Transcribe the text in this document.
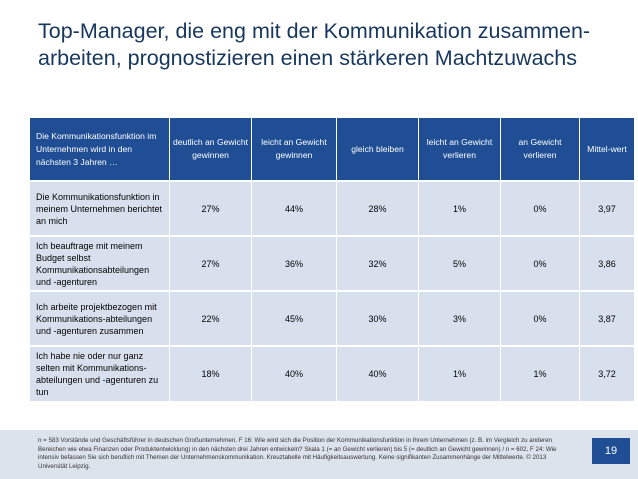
Top-Manager, die eng mit der Kommunikation zusammen-
arbeiten, prognostizieren einen stärkeren Machtzuwachs
Die Kommunikationsfunktion im Unternehmen wird in den nächsten 3 Jahren …	deutlich an Gewicht gewinnen	leicht an Gewicht gewinnen	gleich bleiben	leicht an Gewicht verlieren	an Gewicht verlieren	Mittel-wert
Die Kommunikationsfunktion in meinem Unternehmen berichtet an mich	27%	44%	28%	1%	0%	3,97
Ich beauftrage mit meinem Budget selbst Kommunikationsabteilungen und -agenturen	27%	36%	32%	5%	0%	3,86
Ich arbeite projektbezogen mit Kommunikations-abteilungen und -agenturen zusammen	22%	45%	30%	3%	0%	3,87
Ich habe nie oder nur ganz selten mit Kommunikations-abteilungen und -agenturen zu tun	18%	40%	40%	1%	1%	3,72
n = 583 Vorstände und Geschäftsführer in deutschen Großunternehmen. F 16: Wie wird sich die Position der Kommunikationsfunktion in Ihrem Unternehmen (z. B. im Vergleich zu anderen Bereichen wie etwa Finanzen oder Produktentwicklung) in den nächsten drei Jahren entwickeln? Skala 1 (= an Gewicht verlieren) bis 5 (= deutlich an Gewicht gewinnen) / n = 602, F 24: Wie intensiv befassen Sie sich beruflich mit Themen der Unternehmenskommunikation. Kreuztabelle mit Häufigkeitsauswertung. Keine signifikanten Zusammenhänge der Mittelwerte. © 2013 Universität Leipzig.
19
